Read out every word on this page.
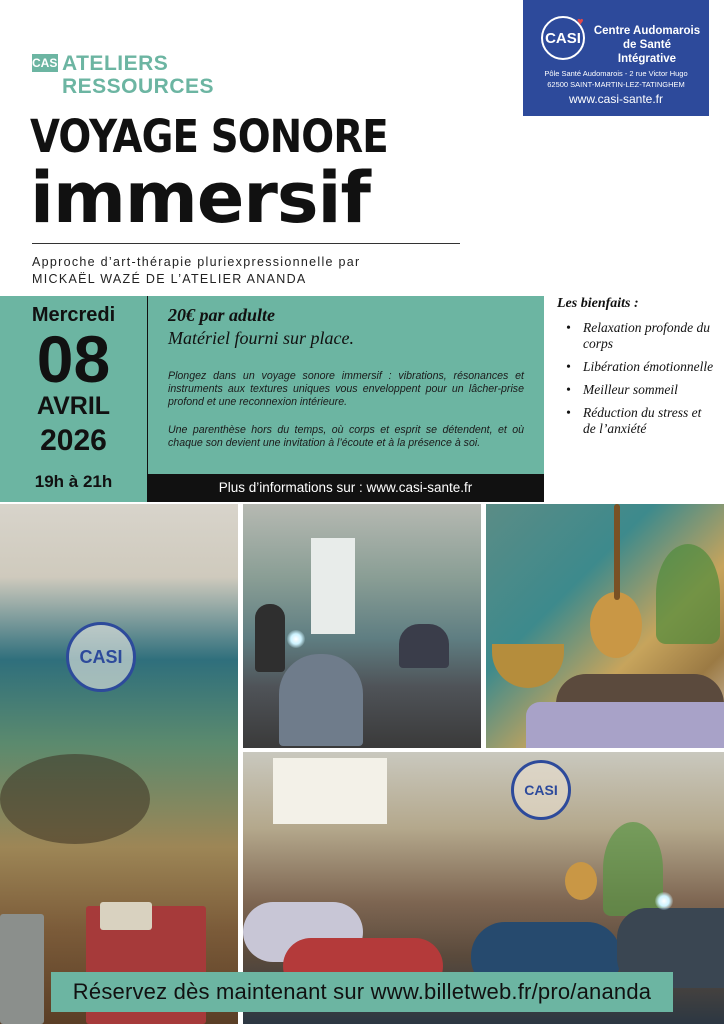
CASI ATELIERS
RESSOURCES
CASI
♥
Centre Audomarois
de Santé Intégrative
Pôle Santé Audomarois - 2 rue Victor Hugo
62500 SAINT-MARTIN-LEZ-TATINGHEM
www.casi-sante.fr
VOYAGE SONORE
immersif
Approche d’art-thérapie pluriexpressionnelle par
MICKAËL WAZÉ DE L’ATELIER ANANDA
Mercredi
08
AVRIL
2026
19h à 21h
20€ par adulte
Matériel fourni sur place.
Plongez dans un voyage sonore immersif : vibrations, résonances et instruments aux textures uniques vous enveloppent pour un lâcher-prise profond et une reconnexion intérieure.
Une parenthèse hors du temps, où corps et esprit se détendent, et où chaque son devient une invitation à l’écoute et à la présence à soi.
Plus d’informations sur : www.casi-sante.fr
Les bienfaits :
• Relaxation profonde du corps
• Libération émotionnelle
• Meilleur sommeil
• Réduction du stress et de l’anxiété
CASI
CASI
Réservez dès maintenant sur www.billetweb.fr/pro/ananda
